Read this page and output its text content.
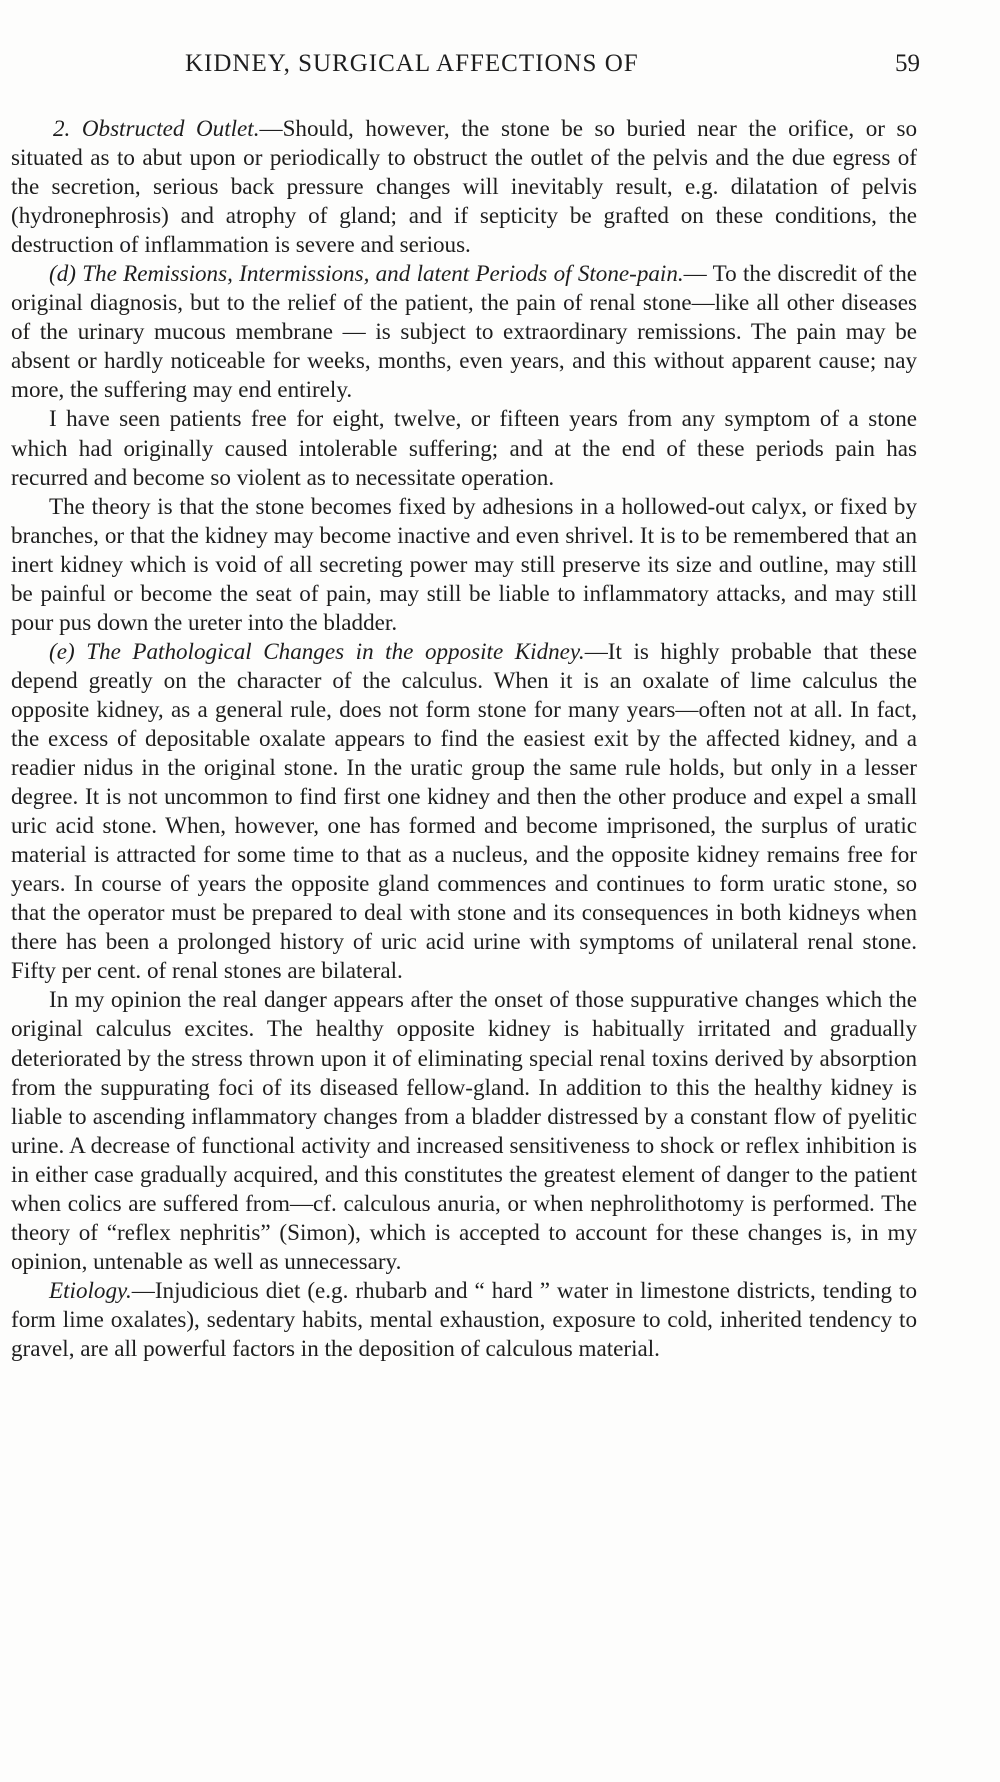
KIDNEY, SURGICAL AFFECTIONS OF	59

2. Obstructed Outlet.—Should, however, the stone be so buried near the orifice, or so situated as to abut upon or periodically to obstruct the outlet of the pelvis and the due egress of the secretion, serious back pressure changes will inevitably result, e.g. dilatation of pelvis (hydronephrosis) and atrophy of gland; and if septicity be grafted on these conditions, the destruction of inflammation is severe and serious.

(d) The Remissions, Intermissions, and latent Periods of Stone-pain.— To the discredit of the original diagnosis, but to the relief of the patient, the pain of renal stone—like all other diseases of the urinary mucous membrane — is subject to extraordinary remissions. The pain may be absent or hardly noticeable for weeks, months, even years, and this without apparent cause; nay more, the suffering may end entirely.

I have seen patients free for eight, twelve, or fifteen years from any symptom of a stone which had originally caused intolerable suffering; and at the end of these periods pain has recurred and become so violent as to necessitate operation.

The theory is that the stone becomes fixed by adhesions in a hollowed-out calyx, or fixed by branches, or that the kidney may become inactive and even shrivel. It is to be remembered that an inert kidney which is void of all secreting power may still preserve its size and outline, may still be painful or become the seat of pain, may still be liable to inflammatory attacks, and may still pour pus down the ureter into the bladder.

(e) The Pathological Changes in the opposite Kidney.—It is highly probable that these depend greatly on the character of the calculus. When it is an oxalate of lime calculus the opposite kidney, as a general rule, does not form stone for many years—often not at all. In fact, the excess of depositable oxalate appears to find the easiest exit by the affected kidney, and a readier nidus in the original stone. In the uratic group the same rule holds, but only in a lesser degree. It is not uncommon to find first one kidney and then the other produce and expel a small uric acid stone. When, however, one has formed and become imprisoned, the surplus of uratic material is attracted for some time to that as a nucleus, and the opposite kidney remains free for years. In course of years the opposite gland commences and continues to form uratic stone, so that the operator must be prepared to deal with stone and its consequences in both kidneys when there has been a prolonged history of uric acid urine with symptoms of unilateral renal stone. Fifty per cent. of renal stones are bilateral.

In my opinion the real danger appears after the onset of those suppurative changes which the original calculus excites. The healthy opposite kidney is habitually irritated and gradually deteriorated by the stress thrown upon it of eliminating special renal toxins derived by absorption from the suppurating foci of its diseased fellow-gland. In addition to this the healthy kidney is liable to ascending inflammatory changes from a bladder distressed by a constant flow of pyelitic urine. A decrease of functional activity and increased sensitiveness to shock or reflex inhibition is in either case gradually acquired, and this constitutes the greatest element of danger to the patient when colics are suffered from—cf. calculous anuria, or when nephrolithotomy is performed. The theory of “reflex nephritis” (Simon), which is accepted to account for these changes is, in my opinion, untenable as well as unnecessary.

Etiology.—Injudicious diet (e.g. rhubarb and “ hard ” water in limestone districts, tending to form lime oxalates), sedentary habits, mental exhaustion, exposure to cold, inherited tendency to gravel, are all powerful factors in the deposition of calculous material.
